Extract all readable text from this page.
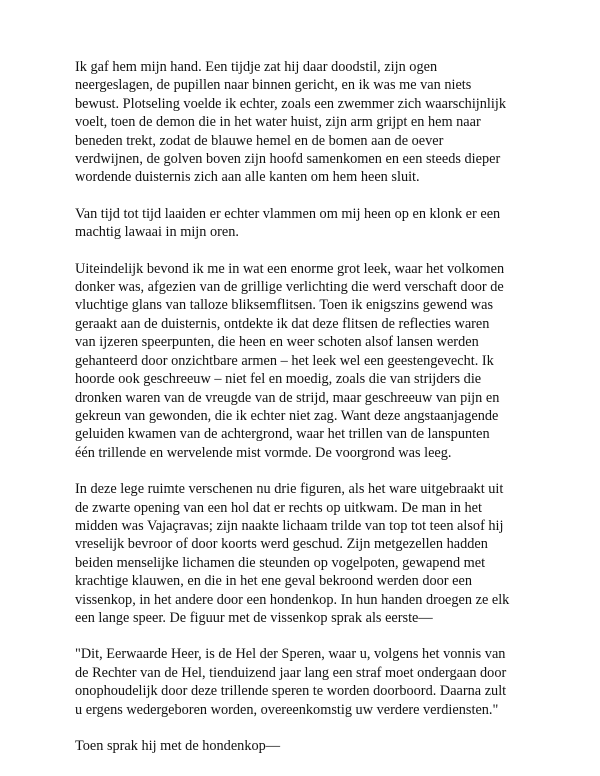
Ik gaf hem mijn hand. Een tijdje zat hij daar doodstil, zijn ogen
neergeslagen, de pupillen naar binnen gericht, en ik was me van niets
bewust. Plotseling voelde ik echter, zoals een zwemmer zich waarschijnlijk
voelt, toen de demon die in het water huist, zijn arm grijpt en hem naar
beneden trekt, zodat de blauwe hemel en de bomen aan de oever
verdwijnen, de golven boven zijn hoofd samenkomen en een steeds dieper
wordende duisternis zich aan alle kanten om hem heen sluit.

Van tijd tot tijd laaiden er echter vlammen om mij heen op en klonk er een
machtig lawaai in mijn oren.

Uiteindelijk bevond ik me in wat een enorme grot leek, waar het volkomen
donker was, afgezien van de grillige verlichting die werd verschaft door de
vluchtige glans van talloze bliksemflitsen. Toen ik enigszins gewend was
geraakt aan de duisternis, ontdekte ik dat deze flitsen de reflecties waren
van ijzeren speerpunten, die heen en weer schoten alsof lansen werden
gehanteerd door onzichtbare armen – het leek wel een geestengevecht. Ik
hoorde ook geschreeuw – niet fel en moedig, zoals die van strijders die
dronken waren van de vreugde van de strijd, maar geschreeuw van pijn en
gekreun van gewonden, die ik echter niet zag. Want deze angstaanjagende
geluiden kwamen van de achtergrond, waar het trillen van de lanspunten
één trillende en wervelende mist vormde. De voorgrond was leeg.

In deze lege ruimte verschenen nu drie figuren, als het ware uitgebraakt uit
de zwarte opening van een hol dat er rechts op uitkwam. De man in het
midden was Vajaçravas; zijn naakte lichaam trilde van top tot teen alsof hij
vreselijk bevroor of door koorts werd geschud. Zijn metgezellen hadden
beiden menselijke lichamen die steunden op vogelpoten, gewapend met
krachtige klauwen, en die in het ene geval bekroond werden door een
vissenkop, in het andere door een hondenkop. In hun handen droegen ze elk
een lange speer. De figuur met de vissenkop sprak als eerste—

"Dit, Eerwaarde Heer, is de Hel der Speren, waar u, volgens het vonnis van
de Rechter van de Hel, tienduizend jaar lang een straf moet ondergaan door
onophoudelijk door deze trillende speren te worden doorboord. Daarna zult
u ergens wedergeboren worden, overeenkomstig uw verdere verdiensten."

Toen sprak hij met de hondenkop—
